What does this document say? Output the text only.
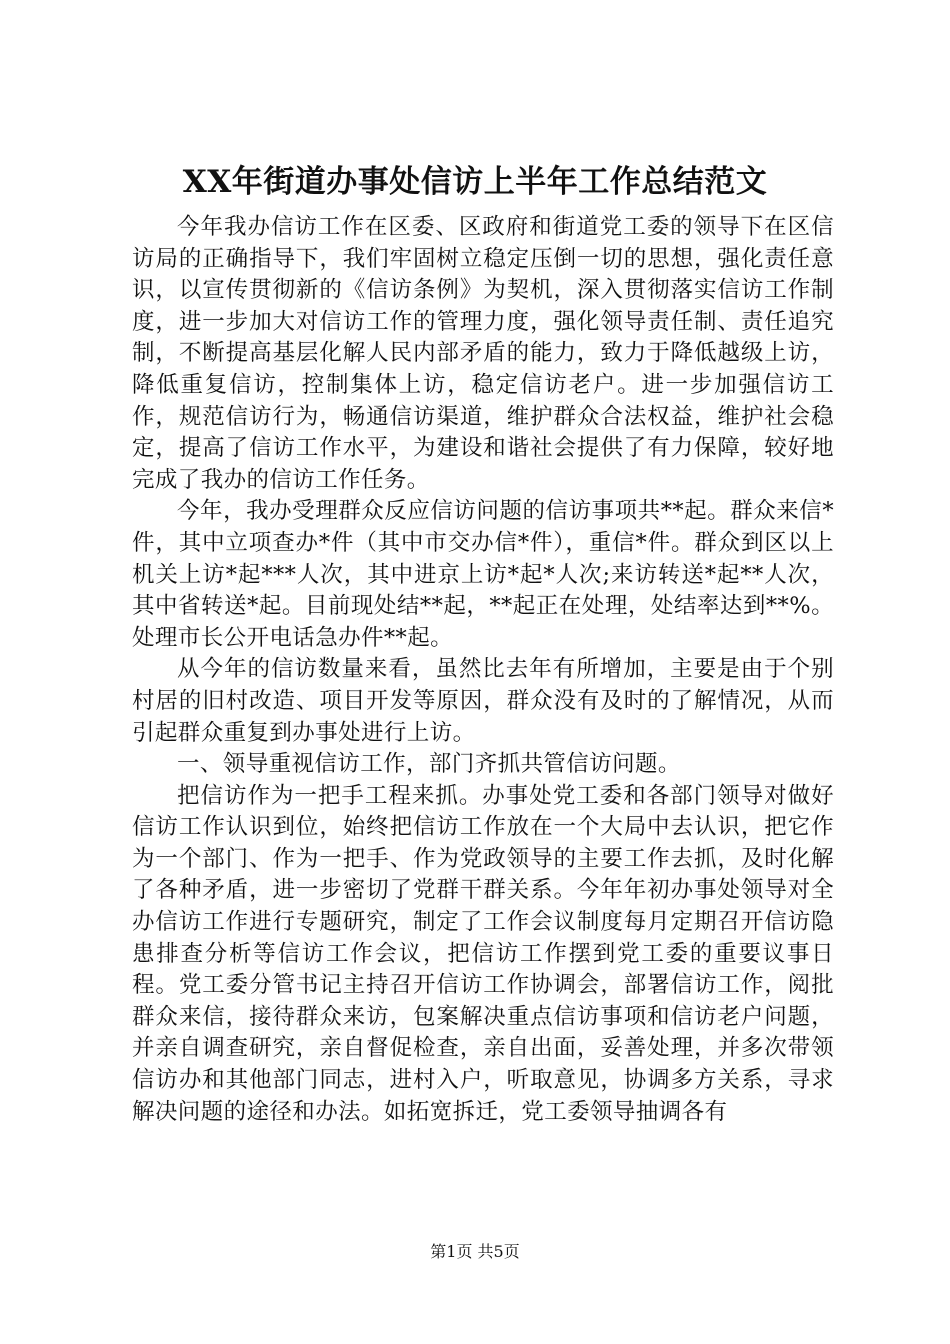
XX年街道办事处信访上半年工作总结范文

今年我办信访工作在区委、区政府和街道党工委的领导下在区信访局的正确指导下，我们牢固树立稳定压倒一切的思想，强化责任意识，以宣传贯彻新的《信访条例》为契机，深入贯彻落实信访工作制度，进一步加大对信访工作的管理力度，强化领导责任制、责任追究制，不断提高基层化解人民内部矛盾的能力，致力于降低越级上访，降低重复信访，控制集体上访，稳定信访老户。进一步加强信访工作，规范信访行为，畅通信访渠道，维护群众合法权益，维护社会稳定，提高了信访工作水平，为建设和谐社会提供了有力保障，较好地完成了我办的信访工作任务。

今年，我办受理群众反应信访问题的信访事项共**起。群众来信*件，其中立项查办*件（其中市交办信*件），重信*件。群众到区以上机关上访*起***人次，其中进京上访*起*人次;来访转送*起**人次，其中省转送*起。目前现处结**起，**起正在处理，处结率达到**%。处理市长公开电话急办件**起。

从今年的信访数量来看，虽然比去年有所增加，主要是由于个别村居的旧村改造、项目开发等原因，群众没有及时的了解情况，从而引起群众重复到办事处进行上访。

一、领导重视信访工作，部门齐抓共管信访问题。

把信访作为一把手工程来抓。办事处党工委和各部门领导对做好信访工作认识到位，始终把信访工作放在一个大局中去认识，把它作为一个部门、作为一把手、作为党政领导的主要工作去抓，及时化解了各种矛盾，进一步密切了党群干群关系。今年年初办事处领导对全办信访工作进行专题研究，制定了工作会议制度每月定期召开信访隐患排查分析等信访工作会议，把信访工作摆到党工委的重要议事日程。党工委分管书记主持召开信访工作协调会，部署信访工作，阅批群众来信，接待群众来访，包案解决重点信访事项和信访老户问题，并亲自调查研究，亲自督促检查，亲自出面，妥善处理，并多次带领信访办和其他部门同志，进村入户，听取意见，协调多方关系，寻求解决问题的途径和办法。如拓宽拆迁，党工委领导抽调各有

第1页 共5页
